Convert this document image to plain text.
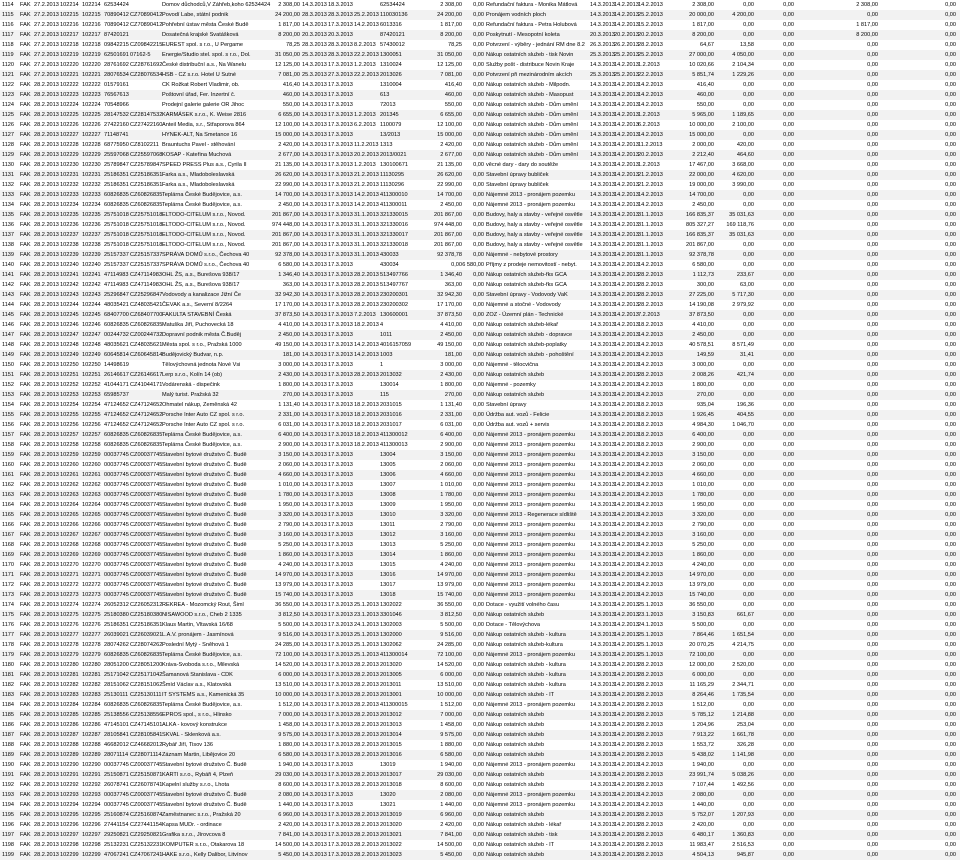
1114	FAK 27.2.2013 102214 102214 62534424	Domov důchodců,V Záhřeb,koho 62534424	2 308,00 14.3.2013 18.3.2013	62534424	2 308,00	0,00 Refundační faktura - Monika Mátlová	14.3.2013 14.2.2013 14.2.2013	2 308,00	0,00	0,00	2 308,00	0,00
1115	FAK 27.2.2013 102215 102215 70890412 CZ70890412 Povodí Labe, státní podnik	24 200,00 28.3.2013 28.3.2013 25.2.2013 110030136	24 200,00	0,00 Pronájem vodních ploch	14.3.2013 14.2.2013 25.2.2013	20 000,00	4 200,00	0,00	0,00	0,00
1116	FAK 27.2.2013 102216 102216 70890412 CZ70890412 Pohřební ústav města České Budě	1 817,00 14.3.2013 17.3.2013 14.2.2013 6013316	1 817,00	0,00 Refundační faktura - Petra Holubová	14.3.2013 14.2.2013 15.2.2013	1 817,00	0,00	0,00	1 817,00	0,00
1117	FAK 27.2.2013 102217 102217 87420121	Dosatečná krajské Svatášková	8 200,00 20.3.2013 20.3.2013	87420121	8 200,00	0,00 Poskytnutí - Mesopotní koleta	20.3.2013 20.2.2013 20.2.2013	8 200,00	0,00	0,00	8 200,00	0,00
1118	FAK 27.2.2013 102218 102218 09842215 CZ09842215 EUREST spol. s r.o., U Pergame	78,25 28.3.2013 28.3.2013 8.2.2013 57430012	78,25	0,00 Potvrzení - výběry - jednání RM dne 8.2 26.3.2013 26.2.2013 28.2.2013	64,67	13,58	0,00	0,00	0,00
1119	FAK 27.2.2013 102219 102219 62501691 07162-5	Energie/Studio stel. spol. s r.o., Dol.	31 050,00 25.3.2013 28.3.2013 22.2.2013 1300051	31 050,00	0,00 Nákup ostatních služeb - tisk Novin	25.3.2013 25.2.2013 25.2.2013	27 000,00	4 050,00	0,00	0,00	0,00
1120	FAK 27.2.2013 102220 102220 28761692 CZ28761692 České distribuční a.s., Na Wanelu	12 125,00 14.3.2013 17.3.2013 1.2.2013 1310024	12 125,00	0,00 Služby pošt - distribuce Novin Kraje	14.3.2013 14.2.2013 1.2.2013	10 020,66	2 104,34	0,00	0,00	0,00
1121	FAK 27.2.2013 102221 102221 28076534 CZ28076534 HSB - CZ s.r.o. Hotel U Sutné	7 081,00 25.3.2013 27.3.2013 22.2.2013 2013026	7 081,00	0,00 Potvrzení při mezinárodním akcích	25.3.2013 25.2.2013 22.2.2013	5 851,74	1 229,26	0,00	0,00	0,00
1122	FAK 28.2.2013 102222 102222 01579161	CK Rožkat Robert Vladimir, ob.	416,40 14.3.2013 17.3.2013	1310004	416,40	0,00 Nákup ostatních služeb - Milpodn.	14.3.2013 14.2.2013 14.2.2013	416,40	0,00	0,00	0,00	0,00
1123	FAK 28.2.2013 102223 102223 76567613	Poštovní úřad, Fer. Inzertní č.	460,00 14.3.2013 17.3.2013	613	460,00	0,00 Nákup ostatních služeb - Masopust	14.3.2013 14.2.2013 14.2.2013	460,00	0,00	0,00	0,00	0,00
1124	FAK 28.2.2013 102224 102224 70548966	Prodejní galerie galerie OR Jihoc	550,00 14.3.2013 17.3.2013	72013	550,00	0,00 Nákup ostatních služeb - Dům umění	14.3.2013 14.2.2013 14.2.2013	550,00	0,00	0,00	0,00	0,00
1125	FAK 28.2.2013 102225 102225 28147532 CZ28147532 KARMÁSEK s.r.o., K. Weise 2816	6 655,00 14.3.2013 17.3.2013 1.2.2013 201345	6 655,00	0,00 Nákup ostatních služeb - Dům umění	14.3.2013 14.2.2013 1.2.2013	5 965,00	1 189,65	0,00	0,00	0,00
1126	FAK 28.2.2013 102226 102226 27422160 CZ27422160 Anteil Media, s.r., Střaporova 864	12 100,00 14.3.2013 17.3.2013 6.2.2013 1100079	12 100,00	0,00 Nákup ostatních služeb - Dům umění	14.3.2013 14.2.2013 6.2.2013	10 000,00	2 100,00	0,00	0,00	0,00
1127	FAK 28.2.2013 102227 102227 71148741	HYNEK-ALT, Na Smetance 16	15 000,00 14.3.2013 17.3.2013	13/2013	15 000,00	0,00 Nákup ostatních služeb - Dům umění	14.3.2013 14.2.2013 14.2.2013	15 000,00	0,00	0,00	0,00	0,00
1128	FAK 28.2.2013 102228 102228 68775950 CZ8102211 Brauntuchs Pavel - stěhování	2 420,00 14.3.2013 17.3.2013 11.2.2013 1313	2 420,00	0,00 Nákup ostatních služeb - Dům umění	14.3.2013 14.2.2013 11.2.2013	2 000,00	420,00	0,00	0,00	0,00
1129	FAK 28.2.2013 102229 102229 25597068 CZ25597068 KOSAP - Kateřina Muchová	2 677,00 14.3.2013 17.3.2013 20.2.2013 2013/0021	2 677,00	0,00 Nákup ostatních služeb - Dům umění	14.3.2013 14.2.2013 20.2.2013	2 212,40	464,60	0,00	0,00	0,00
1130	FAK 28.2.2013 102230 102230 25789847 CZ25789847 SPEED PRESS Plus a.s., Cyrila II	21 135,00 14.3.2013 17.3.2013 1.2.2013 130100671	21 135,00	0,00 věcné dary - dary do soutěže	14.3.2013 14.2.2013 1.2.2013	17 467,00	3 668,00	0,00	0,00	0,00
1131	FAK 28.2.2013 102231 102231 25186351 CZ25186351 Farka a.s., Mladoboleslavská	26 620,00 14.3.2013 17.3.2013 21.2.2013 11130295	26 620,00	0,00 Stavební úpravy bubliček	14.3.2013 14.2.2013 21.2.2013	22 000,00	4 620,00	0,00	0,00	0,00
1132	FAK 28.2.2013 102232 102232 25186351 CZ25186351 Farka a.s., Mladoboleslavská	22 990,00 14.3.2013 17.3.2013 21.2.2013 11130296	22 990,00	0,00 Stavební úpravy bubliček	14.3.2013 14.2.2013 21.2.2013	19 000,00	3 990,00	0,00	0,00	0,00
1133	FAK 28.2.2013 102233 102233 60826835 CZ60826835 Teplárna České Budějovice, a.s.	14 700,00 14.3.2013 17.3.2013 14.2.2013 411300010	14 700,00	0,00 Nájemné 2013 - pronájem pozemku	14.3.2013 14.2.2013 14.2.2013	14 700,00	0,00	0,00	0,00	0,00
1134	FAK 28.2.2013 102234 102234 60826835 CZ60826835 Teplárna České Budějovice, a.s.	2 450,00 14.3.2013 17.3.2013 14.2.2013 411300011	2 450,00	0,00 Nájemné 2013 - pronájem pozemku	14.3.2013 14.2.2013 14.2.2013	2 450,00	0,00	0,00	0,00	0,00
1135	FAK 28.2.2013 102235 102235 25751018 CZ25751018 ELTODO-CITELUM s.r.o., Novod.	201 867,00 14.3.2013 17.3.2013 31.1.2013 321330015	201 867,00	0,00 Budovy, haly a stavby - veřejné osvětle	14.3.2013 14.2.2013 31.1.2013	166 835,37	35 031,63	0,00	0,00	0,00
1136	FAK 28.2.2013 102236 102236 25751018 CZ25751018 ELTODO-CITELUM s.r.o., Novod.	974 448,00 14.3.2013 17.3.2013 31.1.2013 321330016	974 448,00	0,00 Budovy, haly a stavby - veřejné osvětle	14.3.2013 14.2.2013 31.1.2013	805 327,27	169 118,76	0,00	0,00	0,00
1137	FAK 28.2.2013 102237 102237 25751018 CZ25751018 ELTODO-CITELUM s.r.o., Novod.	201 867,00 14.3.2013 17.3.2013 31.1.2013 321330017	201 867,00	0,00 Budovy, haly a stavby - veřejné osvětle	14.3.2013 14.2.2013 31.1.2013	166 835,37	35 031,63	0,00	0,00	0,00
1138	FAK 28.2.2013 102238 102238 25751018 CZ25751018 ELTODO-CITELUM s.r.o., Novod.	201 867,00 14.3.2013 17.3.2013 31.1.2013 321330018	201 867,00	0,00 Budovy, haly a stavby - veřejné osvětle	14.3.2013 14.2.2013 31.1.2013	201 867,00	0,00	0,00	0,00	0,00
1139	FAK 28.2.2013 102239 102239 25157337 CZ25157337 SPRÁVA DOMŮ s.r.o., Čechova 40	92 378,00 14.3.2013 17.3.2013 31.1.2013 430033	92 378,78	0,00 Nájemné - nebytové prostory	14.3.2013 14.2.2013 31.1.2013	92 378,78	0,00	0,00	0,00	0,00
1140	FAK 28.2.2013 102240 102240 25157337 CZ25157337 SPRÁVA DOMŮ s.r.o., Čechova 40	6 580,00 14.3.2013 17.3.2013	430034	0,00 6 580,00 Příjmy z prodeje nemovitostí - nebyt.	14.3.2013 14.2.2013 14.2.2013	6 580,00	0,00	0,00	0,00	0,00
1141	FAK 28.2.2013 102241 102241 47114983 CZ47114983 OHL ŽS, a.s., Burešova 938/17	1 346,40 14.3.2013 17.3.2013 28.2.2013 513497766	1 346,40	0,00 Nákup ostatních služeb-fks GCA	14.3.2013 14.2.2013 28.2.2013	1 112,73	233,67	0,00	0,00	0,00
1142	FAK 28.2.2013 102242 102242 47114983 CZ47114983 OHL ŽS, a.s., Burešova 938/17	363,00 14.3.2013 17.3.2013 28.2.2013 513497767	363,00	0,00 Nákup ostatních služeb-fks GCA	14.3.2013 14.2.2013 28.2.2013	300,00	63,00	0,00	0,00	0,00
1143	FAK 28.2.2013 102243 102243 25296847 CZ25296847 Vodovody a kanalizace Jižní Če	32 942,30 14.3.2013 17.3.2013 28.2.2013 230200301	32 942,30	0,00 Stavební úpravy - Vodovody VaK	14.3.2013 14.2.2013 28.2.2013	27 225,00	5 717,30	0,00	0,00	0,00
1144	FAK 28.2.2013 102244 102244 48035421 CZ48035421 ČEVAK a.s., Severní 8/2264	17 170,00 14.3.2013 17.3.2013 28.2.2013 230200302	17 170,00	0,00 Nájemné a stočné - Vodovody	14.3.2013 14.2.2013 28.2.2013	14 190,08	2 979,92	0,00	0,00	0,00
1145	FAK 28.2.2013 102245 102245 68407700 CZ68407700 FAKULTA STAVEBNÍ Česká	37 873,50 14.3.2013 17.3.2013 7.2.2013 130600001	37 873,50	0,00 ZOZ - Územní plán - Technické	14.3.2013 14.2.2013 7.2.2013	37 873,50	0,00	0,00	0,00	0,00
1146	FAK 28.2.2013 102246 102246 60826835 CZ60826835 Matuška Jiří, Puchovecká 18	4 410,00 14.3.2013 17.3.2013 18.2.2013 4	4 410,00	0,00 Nákup ostatních služeb-lékař	14.3.2013 14.2.2013 18.2.2013	4 410,00	0,00	0,00	0,00	0,00
1147	FAK 28.2.2013 102247 102247 00244732 CZ00244732 Dopravní podnik města Č.Buděj	2 450,00 14.3.2013 17.3.2013	1011	2 450,00	0,00 Nákup ostatních služeb - dopravce	14.3.2013 14.2.2013 14.2.2013	2 450,00	0,00	0,00	0,00	0,00
1148	FAK 28.2.2013 102248 102248 48035621 CZ48035621 Města spol. s r.o., Pražská 1000	49 150,00 14.3.2013 17.3.2013 14.2.2013 4016157059	49 150,00	0,00 Nákup ostatních služeb-poplatky	14.3.2013 14.2.2013 14.2.2013	40 578,51	8 571,49	0,00	0,00	0,00
1149	FAK 28.2.2013 102249 102249 60645814 CZ60645814 Budějovický Budvar, n.p.	181,00 14.3.2013 17.3.2013 14.2.2013 1003	181,00	0,00 Nákup ostatních služeb - pohoštění	14.3.2013 14.2.2013 14.2.2013	149,59	31,41	0,00	0,00	0,00
1150	FAK 28.2.2013 102250 102250 14498619	Tělovýchovná jednota Nové Vsi	3 000,00 14.3.2013 17.3.2013	1	3 000,00	0,00 Nájemné - tělocvična	14.3.2013 14.2.2013 14.2.2013	3 000,00	0,00	0,00	0,00	0,00
1151	FAK 28.2.2013 102251 102251 26146617 CZ26146617 Lerp s.r.o., Kolín 14 (ob)	2 430,00 14.3.2013 17.3.2013 28.2.2013 2013032	2 430,00	0,00 Nákup ostatních služeb	14.3.2013 14.2.2013 28.2.2013	2 008,26	421,74	0,00	0,00	0,00
1152	FAK 28.2.2013 102252 102252 41044171 CZ41044171 Vodárenská - dispečink	1 800,00 14.3.2013 17.3.2013	130014	1 800,00	0,00 Nájemné - pozemky	14.3.2013 14.2.2013 14.2.2013	1 800,00	0,00	0,00	0,00	0,00
1153	FAK 28.2.2013 102253 102253 65985737	Malý turist. Pražská 32	270,00 14.3.2013 17.3.2013	115	270,00	0,00 Nákup ostatních služeb	14.3.2013 14.2.2013 14.2.2013	270,00	0,00	0,00	0,00	0,00
1154	FAK 28.2.2013 102254 102254 47124652 CZ47124652 Ohmatel nákup, Zeměnská 42	1 131,40 14.3.2013 17.3.2013 18.2.2013 2031015	1 131,40	0,00 Stavební úpravy	14.3.2013 14.2.2013 18.2.2013	935,04	196,36	0,00	0,00	0,00
1155	FAK 28.2.2013 102255 102255 47124652 CZ47124652 Porsche Inter Auto CZ spol. s r.o.	2 331,00 14.3.2013 17.3.2013 18.2.2013 2031016	2 331,00	0,00 Údržba aut. vozů - Felicie	14.3.2013 14.2.2013 18.2.2013	1 926,45	404,55	0,00	0,00	0,00
1156	FAK 28.2.2013 102256 102256 47124652 CZ47124652 Porsche Inter Auto CZ spol. s r.o.	6 031,00 14.3.2013 17.3.2013 18.2.2013 2031017	6 031,00	0,00 Údržba aut. vozů + servis	14.3.2013 14.2.2013 18.2.2013	4 984,30	1 046,70	0,00	0,00	0,00
1157	FAK 28.2.2013 102257 102257 60826835 CZ60826835 Teplárna České Budějovice, a.s.	6 400,00 14.3.2013 17.3.2013 18.2.2013 411300012	6 400,00	0,00 Nájemné 2013 - pronájem pozemku	14.3.2013 14.2.2013 18.2.2013	6 400,00	0,00	0,00	0,00	0,00
1158	FAK 28.2.2013 102258 102258 60826835 CZ60826835 Teplárna České Budějovice, a.s.	2 900,00 14.3.2013 17.3.2013 18.2.2013 411300013	2 900,00	0,00 Nájemné 2013 - pronájem pozemku	14.3.2013 14.2.2013 18.2.2013	2 900,00	0,00	0,00	0,00	0,00
1159	FAK 28.2.2013 102259 102259 00037745 CZ00037745 Stavební bytové družstvo Č. Budě	3 150,00 14.3.2013 17.3.2013	13004	3 150,00	0,00 Nájemné 2013 - pronájem pozemku	14.3.2013 14.2.2013 14.2.2013	3 150,00	0,00	0,00	0,00	0,00
1160	FAK 28.2.2013 102260 102260 00037745 CZ00037745 Stavební bytové družstvo Č. Budě	2 060,00 14.3.2013 17.3.2013	13005	2 060,00	0,00 Nájemné 2013 - pronájem pozemku	14.3.2013 14.2.2013 14.2.2013	2 060,00	0,00	0,00	0,00	0,00
1161	FAK 28.2.2013 102261 102261 00037745 CZ00037745 Stavební bytové družstvo Č. Budě	4 660,00 14.3.2013 17.3.2013	13006	4 660,00	0,00 Nájemné 2013 - pronájem pozemku	14.3.2013 14.2.2013 14.2.2013	4 660,00	0,00	0,00	0,00	0,00
1162	FAK 28.2.2013 102262 102262 00037745 CZ00037745 Stavební bytové družstvo Č. Budě	1 010,00 14.3.2013 17.3.2013	13007	1 010,00	0,00 Nájemné 2013 - pronájem pozemku	14.3.2013 14.2.2013 14.2.2013	1 010,00	0,00	0,00	0,00	0,00
1163	FAK 28.2.2013 102263 102263 00037745 CZ00037745 Stavební bytové družstvo Č. Budě	1 780,00 14.3.2013 17.3.2013	13008	1 780,00	0,00 Nájemné 2013 - pronájem pozemku	14.3.2013 14.2.2013 14.2.2013	1 780,00	0,00	0,00	0,00	0,00
1164	FAK 28.2.2013 102264 102264 00037745 CZ00037745 Stavební bytové družstvo Č. Budě	1 950,00 14.3.2013 17.3.2013	13009	1 950,00	0,00 Nájemné 2013 - pronájem pozemku	14.3.2013 14.2.2013 14.2.2013	1 950,00	0,00	0,00	0,00	0,00
1165	FAK 28.2.2013 102265 102265 00037745 CZ00037745 Stavební bytové družstvo Č. Budě	3 320,00 14.3.2013 17.3.2013	13010	3 320,00	0,00 Nájemné 2013 - Regenerace sídliště	14.3.2013 14.2.2013 14.2.2013	3 320,00	0,00	0,00	0,00	0,00
1166	FAK 28.2.2013 102266 102266 00037745 CZ00037745 Stavební bytové družstvo Č. Budě	2 790,00 14.3.2013 17.3.2013	13011	2 790,00	0,00 Nájemné 2013 - pronájem pozemku	14.3.2013 14.2.2013 14.2.2013	2 790,00	0,00	0,00	0,00	0,00
1167	FAK 28.2.2013 102267 102267 00037745 CZ00037745 Stavební bytové družstvo Č. Budě	3 160,00 14.3.2013 17.3.2013	13012	3 160,00	0,00 Nájemné 2013 - pronájem pozemku	14.3.2013 14.2.2013 14.2.2013	3 160,00	0,00	0,00	0,00	0,00
1168	FAK 28.2.2013 102268 102268 00037745 CZ00037745 Stavební bytové družstvo Č. Budě	5 250,00 14.3.2013 17.3.2013	13013	5 250,00	0,00 Nájemné 2013 - pronájem pozemku	14.3.2013 14.2.2013 14.2.2013	5 250,00	0,00	0,00	0,00	0,00
1169	FAK 28.2.2013 102269 102269 00037745 CZ00037745 Stavební bytové družstvo Č. Budě	1 860,00 14.3.2013 17.3.2013	13014	1 860,00	0,00 Nájemné 2013 - pronájem pozemku	14.3.2013 14.2.2013 14.2.2013	1 860,00	0,00	0,00	0,00	0,00
1170	FAK 28.2.2013 102270 102270 00037745 CZ00037745 Stavební bytové družstvo Č. Budě	4 240,00 14.3.2013 17.3.2013	13015	4 240,00	0,00 Nájemné 2013 - pronájem pozemku	14.3.2013 14.2.2013 14.2.2013	4 240,00	0,00	0,00	0,00	0,00
1171	FAK 28.2.2013 102271 102271 00037745 CZ00037745 Stavební bytové družstvo Č. Budě	14 970,00 14.3.2013 17.3.2013	13016	14 970,00	0,00 Nájemné 2013 - pronájem pozemku	14.3.2013 14.2.2013 14.2.2013	14 970,00	0,00	0,00	0,00	0,00
1172	FAK 28.2.2013 102272 102272 00037745 CZ00037745 Stavební bytové družstvo Č. Budě	13 979,00 14.3.2013 17.3.2013	13017	13 979,00	0,00 Nájemné 2013 - pronájem pozemku	14.3.2013 14.2.2013 14.2.2013	13 979,00	0,00	0,00	0,00	0,00
1173	FAK 28.2.2013 102273 102273 00037745 CZ00037745 Stavební bytové družstvo Č. Budě	15 740,00 14.3.2013 17.3.2013	13018	15 740,00	0,00 Nájemné 2013 - pronájem pozemku	14.3.2013 14.2.2013 14.2.2013	15 740,00	0,00	0,00	0,00	0,00
1174	FAK 28.2.2013 102274 102274 26052312 CZ26052312 REKREA - Mozomcký Rout, Šiml	36 550,00 14.3.2013 17.3.2013 25.1.2013 1302022	36 550,00	0,00 Dotace - využití volného času	14.3.2013 14.2.2013 25.1.2013	36 550,00	0,00	0,00	0,00	0,00
1175	FAK 28.2.2013 102275 102275 25180380 CZ25180380 NISAWOOD s.r.o., Cheb 2 1335	3 812,50 14.3.2013 17.3.2013 23.1.2013 3301046	3 812,50	0,00 Nákup ostatních služeb	14.3.2013 14.2.2013 23.1.2013	3 150,83	661,67	0,00	0,00	0,00
1176	FAK 28.2.2013 102276 102276 25186351 CZ25186351 Klaus Martin, Vltavská 16/68	5 500,00 14.3.2013 17.3.2013 24.1.2013 1302003	5 500,00	0,00 Dotace - Tělovýchova	14.3.2013 14.2.2013 24.1.2013	5 500,00	0,00	0,00	0,00	0,00
1177	FAK 28.2.2013 102277 102277 26039021 CZ26039021 L.A.V. pronájem - Jasmínová	9 516,00 14.3.2013 17.3.2013 25.1.2013 1302000	9 516,00	0,00 Nákup ostatních služeb - kultura	14.3.2013 14.2.2013 25.1.2013	7 864,46	1 651,54	0,00	0,00	0,00
1178	FAK 28.2.2013 102278 102278 28074262 CZ28074262 Poslední Mytý - Sněhová 1	24 285,00 14.3.2013 17.3.2013 25.1.2013 1302062	24 285,00	0,00 Nákup ostatních služeb-kultura	14.3.2013 14.2.2013 25.1.2013	20 070,25	4 214,75	0,00	0,00	0,00
1179	FAK 28.2.2013 102279 102279 60826835 CZ60826835 Teplárna České Budějovice, a.s.	72 100,00 14.3.2013 17.3.2013 25.1.2013 411300014	72 100,00	0,00 Nájemné 2013 - pronájem pozemku	14.3.2013 14.2.2013 25.1.2013	72 100,00	0,00	0,00	0,00	0,00
1180	FAK 28.2.2013 102280 102280 28051200 CZ28051200 Kráva-Svoboda s.r.o., Milevská	14 520,00 14.3.2013 17.3.2013 28.2.2013 2013020	14 520,00	0,00 Nákup ostatních služeb - kultura	14.3.2013 14.2.2013 28.2.2013	12 000,00	2 520,00	0,00	0,00	0,00
1181	FAK 28.2.2013 102281 102281 25171042 CZ25171042 Šamanová Stanislava - CDK	6 000,00 14.3.2013 17.3.2013 28.2.2013 2013005	6 000,00	0,00 Nákup ostatních služeb - kultura	14.3.2013 14.2.2013 28.2.2013	6 000,00	0,00	0,00	0,00	0,00
1182	FAK 28.2.2013 102282 102282 28151062 CZ28151062 Šmíd Václav a.s., Klatovská	13 510,00 14.3.2013 17.3.2013 28.2.2013 2013011	13 510,00	0,00 Nákup ostatních služeb - kultura	14.3.2013 14.2.2013 28.2.2013	11 165,29	2 344,71	0,00	0,00	0,00
1183	FAK 28.2.2013 102283 102283 25130111 CZ25130111 IT SYSTEMS a.s., Kamenická 35	10 000,00 14.3.2013 17.3.2013 28.2.2013 2013001	10 000,00	0,00 Nákup ostatních služeb - IT	14.3.2013 14.2.2013 28.2.2013	8 264,46	1 735,54	0,00	0,00	0,00
1184	FAK 28.2.2013 102284 102284 60826835 CZ60826835 Teplárna České Budějovice, a.s.	1 512,00 14.3.2013 17.3.2013 28.2.2013 411300015	1 512,00	0,00 Nájemné 2013 - pronájem pozemku	14.3.2013 14.2.2013 28.2.2013	1 512,00	0,00	0,00	0,00	0,00
1185	FAK 28.2.2013 102285 102285 25138556 CZ25138556 EPROS spol., s r.o., Hlinsko	7 000,00 14.3.2013 17.3.2013 28.2.2013 2013012	7 000,00	0,00 Nákup ostatních služeb	14.3.2013 14.2.2013 28.2.2013	5 785,12	1 214,88	0,00	0,00	0,00
1186	FAK 28.2.2013 102286 102286 47145101 CZ47145101 ALKA - kovový konstrukce	1 458,00 14.3.2013 17.3.2013 28.2.2013 2013013	1 458,00	0,00 Nákup ostatních služeb	14.3.2013 14.2.2013 28.2.2013	1 204,96	253,04	0,00	0,00	0,00
1187	FAK 28.2.2013 102287 102287 28105841 CZ28105841 SKVAL - Sklenková a.s.	9 575,00 14.3.2013 17.3.2013 28.2.2013 2013014	9 575,00	0,00 Nákup ostatních služeb	14.3.2013 14.2.2013 28.2.2013	7 913,22	1 661,78	0,00	0,00	0,00
1188	FAK 28.2.2013 102288 102288 46682012 CZ46682012 Rybář Jiří, Tisov 136	1 880,00 14.3.2013 17.3.2013 28.2.2013 2013015	1 880,00	0,00 Nákup ostatních služeb	14.3.2013 14.2.2013 28.2.2013	1 553,72	326,28	0,00	0,00	0,00
1189	FAK 28.2.2013 102289 102289 28071114 CZ28071114 Záznam Martin, Libějovice 20	6 580,00 14.3.2013 17.3.2013 28.2.2013 2013016	6 580,00	0,00 Nákup ostatních služeb	14.3.2013 14.2.2013 28.2.2013	5 438,02	1 141,98	0,00	0,00	0,00
1190	FAK 28.2.2013 102290 102290 00037745 CZ00037745 Stavební bytové družstvo Č. Budě	1 940,00 14.3.2013 17.3.2013	13019	1 940,00	0,00 Nájemné 2013 - pronájem pozemku	14.3.2013 14.2.2013 14.2.2013	1 940,00	0,00	0,00	0,00	0,00
1191	FAK 28.2.2013 102291 102291 25150871 CZ25150871 KARTI s.r.o., Rybáři 4, Plzeň	29 030,00 14.3.2013 17.3.2013 28.2.2013 2013017	29 030,00	0,00 Nákup ostatních služeb	14.3.2013 14.2.2013 28.2.2013	23 991,74	5 038,26	0,00	0,00	0,00
1192	FAK 28.2.2013 102292 102292 26078741 CZ26078741 Kapelní služby s.r.o., Lhota	8 600,00 14.3.2013 17.3.2013 28.2.2013 2013018	8 600,00	0,00 Nákup ostatních služeb	14.3.2013 14.2.2013 28.2.2013	7 107,44	1 492,56	0,00	0,00	0,00
1193	FAK 28.2.2013 102293 102293 00037745 CZ00037745 Stavební bytové družstvo Č. Budě	2 080,00 14.3.2013 17.3.2013	13020	2 080,00	0,00 Nájemné 2013 - pronájem pozemku	14.3.2013 14.2.2013 14.2.2013	2 080,00	0,00	0,00	0,00	0,00
1194	FAK 28.2.2013 102294 102294 00037745 CZ00037745 Stavební bytové družstvo Č. Budě	1 440,00 14.3.2013 17.3.2013	13021	1 440,00	0,00 Nájemné 2013 - pronájem pozemku	14.3.2013 14.2.2013 14.2.2013	1 440,00	0,00	0,00	0,00	0,00
1195	FAK 28.2.2013 102295 102295 25160874 CZ25160874 Zaměstnanec s.r.o., Pražská 20	6 960,00 14.3.2013 17.3.2013 28.2.2013 2013019	6 960,00	0,00 Nákup ostatních služeb	14.3.2013 14.2.2013 28.2.2013	5 752,07	1 207,93	0,00	0,00	0,00
1196	FAK 28.2.2013 102296 102296 27441154 CZ27441154 Kapsa MUDr. - ordinace	2 420,00 14.3.2013 17.3.2013 28.2.2013 2013020	2 420,00	0,00 Nákup ostatních služeb - lékař	14.3.2013 14.2.2013 28.2.2013	2 420,00	0,00	0,00	0,00	0,00
1197	FAK 28.2.2013 102297 102297 29250821 CZ29250821 Grafika s.r.o., Jírovcova 8	7 841,00 14.3.2013 17.3.2013 28.2.2013 2013021	7 841,00	0,00 Nákup ostatních služeb - tisk	14.3.2013 14.2.2013 28.2.2013	6 480,17	1 360,83	0,00	0,00	0,00
1198	FAK 28.2.2013 102298 102298 25132231 CZ25132231 KOMPUTER s.r.o., Otakarova 18	14 500,00 14.3.2013 17.3.2013 28.2.2013 2013022	14 500,00	0,00 Nákup ostatních služeb - IT	14.3.2013 14.2.2013 28.2.2013	11 983,47	2 516,53	0,00	0,00	0,00
1199	FAK 28.2.2013 102299 102299 47067241 CZ47067241 HAKE s.r.o., Kelly Dalibor, Litvínov	5 450,00 14.3.2013 17.3.2013 28.2.2013 2013023	5 450,00	0,00 Nákup ostatních služeb	14.3.2013 14.2.2013 28.2.2013	4 504,13	945,87	0,00	0,00	0,00
